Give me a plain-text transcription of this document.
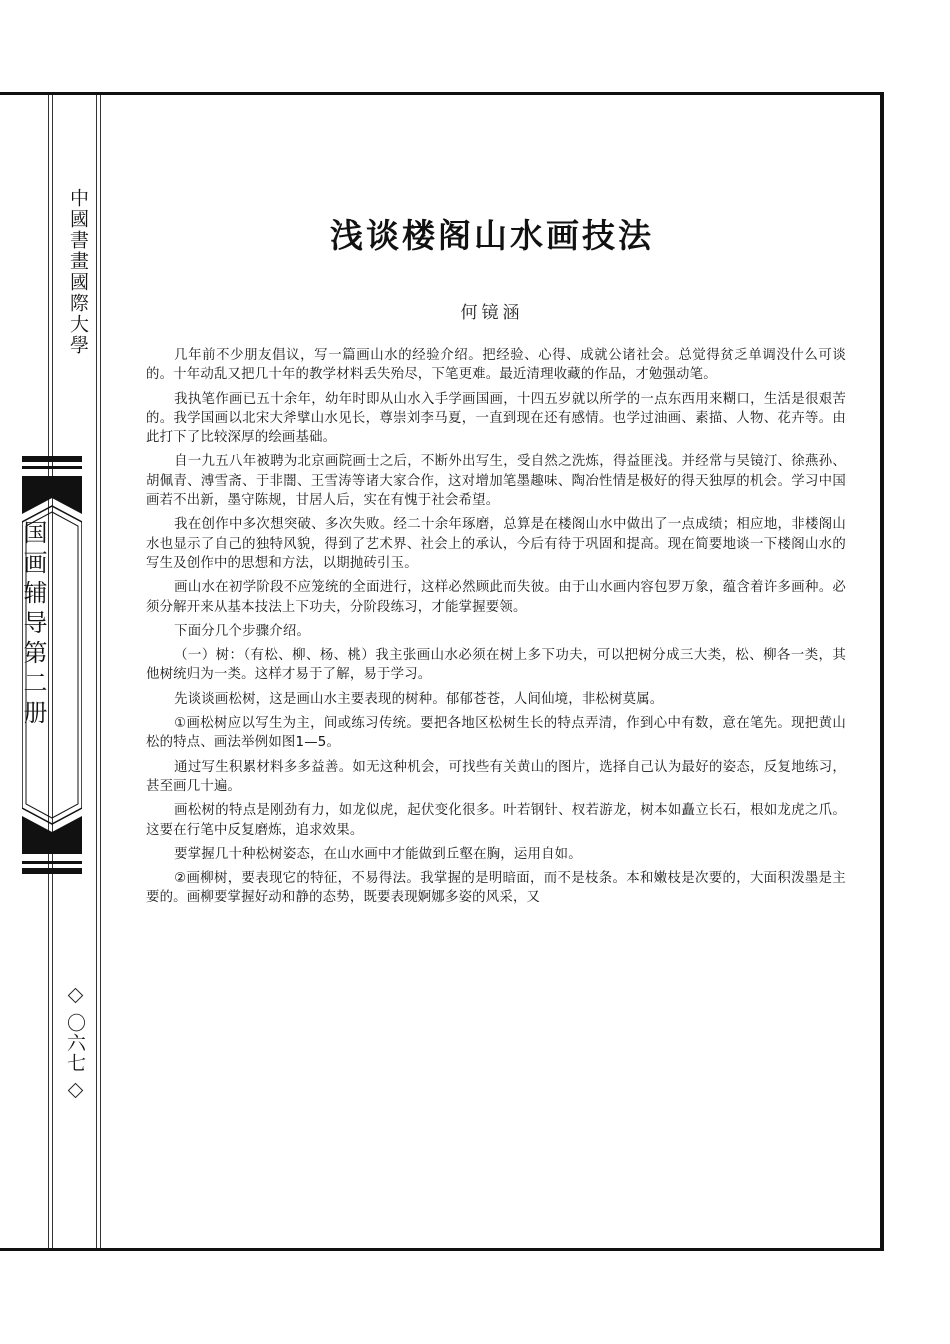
中國書畫國際大學
国画辅导第二册
〇六七
浅谈楼阁山水画技法
何镜涵

几年前不少朋友倡议，写一篇画山水的经验介绍。把经验、心得、成就公诸社会。总觉得贫乏单调没什么可谈的。十年动乱又把几十年的教学材料丢失殆尽，下笔更难。最近清理收藏的作品，才勉强动笔。

我执笔作画已五十余年，幼年时即从山水入手学画国画，十四五岁就以所学的一点东西用来糊口，生活是很艰苦的。我学国画以北宋大斧擘山水见长，尊崇刘李马夏，一直到现在还有感情。也学过油画、素描、人物、花卉等。由此打下了比较深厚的绘画基础。

自一九五八年被聘为北京画院画士之后，不断外出写生，受自然之洗炼，得益匪浅。并经常与吴镜汀、徐燕孙、胡佩青、溥雪斋、于非闇、王雪涛等诸大家合作，这对增加笔墨趣味、陶冶性情是极好的得天独厚的机会。学习中国画若不出新，墨守陈规，甘居人后，实在有愧于社会希望。

我在创作中多次想突破、多次失败。经二十余年琢磨，总算是在楼阁山水中做出了一点成绩；相应地，非楼阁山水也显示了自己的独特风貌，得到了艺术界、社会上的承认，今后有待于巩固和提高。现在简要地谈一下楼阁山水的写生及创作中的思想和方法，以期抛砖引玉。

画山水在初学阶段不应笼统的全面进行，这样必然顾此而失彼。由于山水画内容包罗万象，蕴含着许多画种。必须分解开来从基本技法上下功夫，分阶段练习，才能掌握要领。

下面分几个步骤介绍。

（一）树：（有松、柳、杨、桃）我主张画山水必须在树上多下功夫，可以把树分成三大类，松、柳各一类，其他树统归为一类。这样才易于了解，易于学习。

先谈谈画松树，这是画山水主要表现的树种。郁郁苍苍，人间仙境，非松树莫属。

①画松树应以写生为主，间或练习传统。要把各地区松树生长的特点弄清，作到心中有数，意在笔先。现把黄山松的特点、画法举例如图1—5。

通过写生积累材料多多益善。如无这种机会，可找些有关黄山的图片，选择自己认为最好的姿态，反复地练习，甚至画几十遍。

画松树的特点是刚劲有力，如龙似虎，起伏变化很多。叶若钢针、杈若游龙，树本如矗立长石，根如龙虎之爪。这要在行笔中反复磨炼，追求效果。

要掌握几十种松树姿态，在山水画中才能做到丘壑在胸，运用自如。

②画柳树，要表现它的特征，不易得法。我掌握的是明暗面，而不是枝条。本和嫩枝是次要的，大面积泼墨是主要的。画柳要掌握好动和静的态势，既要表现婀娜多姿的风采，又
